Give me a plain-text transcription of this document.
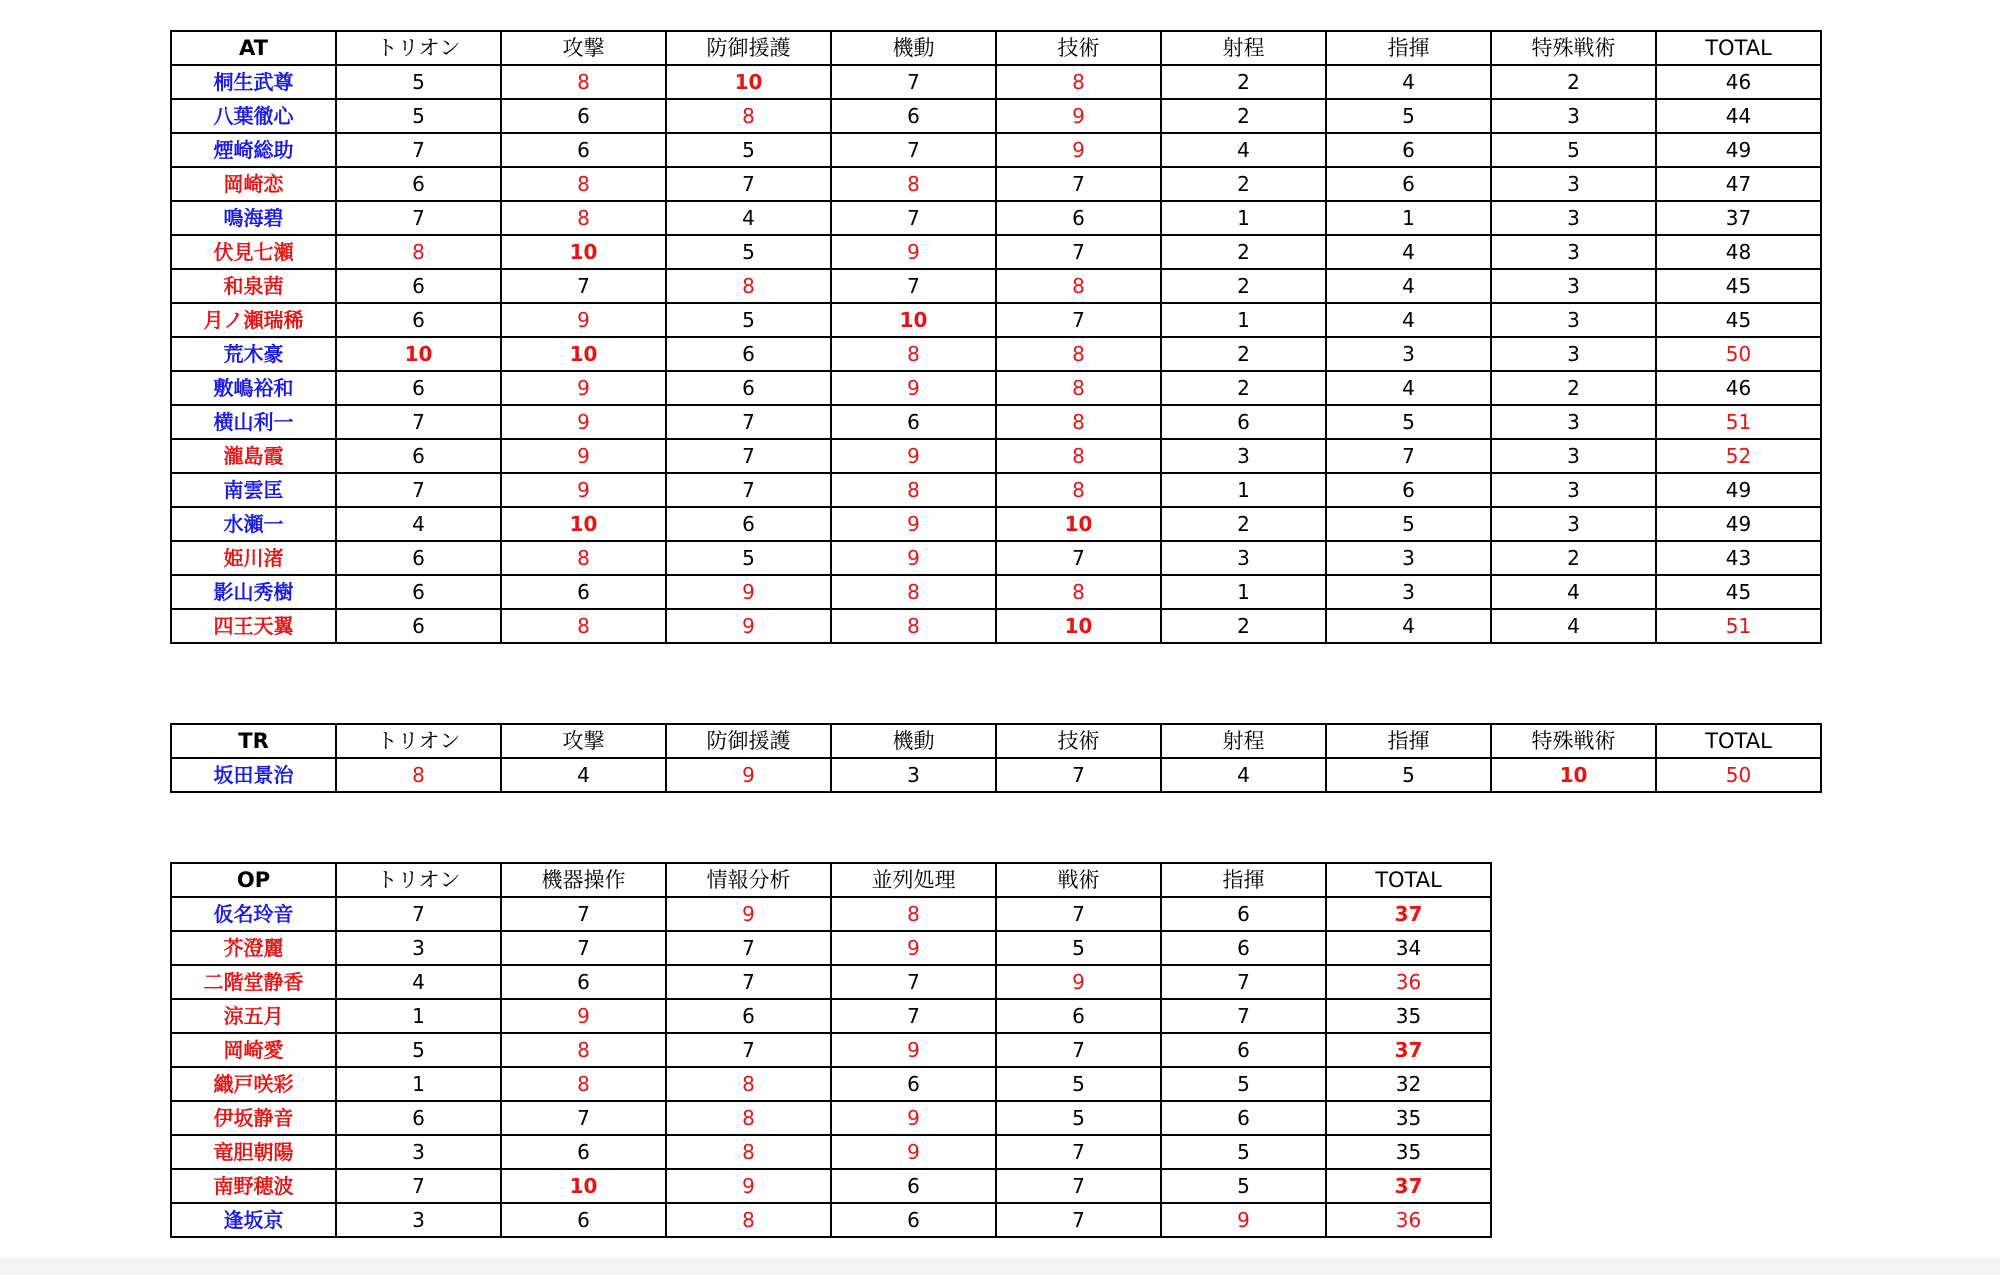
AT	トリオン	攻撃	防御援護	機動	技術	射程	指揮	特殊戦術	TOTAL
桐生武尊	5	8	10	7	8	2	4	2	46
八葉徹心	5	6	8	6	9	2	5	3	44
煙崎総助	7	6	5	7	9	4	6	5	49
岡崎恋	6	8	7	8	7	2	6	3	47
鳴海碧	7	8	4	7	6	1	1	3	37
伏見七瀬	8	10	5	9	7	2	4	3	48
和泉茜	6	7	8	7	8	2	4	3	45
月ノ瀬瑞稀	6	9	5	10	7	1	4	3	45
荒木豪	10	10	6	8	8	2	3	3	50
敷嶋裕和	6	9	6	9	8	2	4	2	46
横山利一	7	9	7	6	8	6	5	3	51
瀧島霞	6	9	7	9	8	3	7	3	52
南雲匡	7	9	7	8	8	1	6	3	49
水瀬一	4	10	6	9	10	2	5	3	49
姫川渚	6	8	5	9	7	3	3	2	43
影山秀樹	6	6	9	8	8	1	3	4	45
四王天翼	6	8	9	8	10	2	4	4	51
TR	トリオン	攻撃	防御援護	機動	技術	射程	指揮	特殊戦術	TOTAL
坂田景治	8	4	9	3	7	4	5	10	50
OP	トリオン	機器操作	情報分析	並列処理	戦術	指揮	TOTAL
仮名玲音	7	7	9	8	7	6	37
芥澄麗	3	7	7	9	5	6	34
二階堂静香	4	6	7	7	9	7	36
涼五月	1	9	6	7	6	7	35
岡崎愛	5	8	7	9	7	6	37
織戸咲彩	1	8	8	6	5	5	32
伊坂静音	6	7	8	9	5	6	35
竜胆朝陽	3	6	8	9	7	5	35
南野穂波	7	10	9	6	7	5	37
逢坂京	3	6	8	6	7	9	36
